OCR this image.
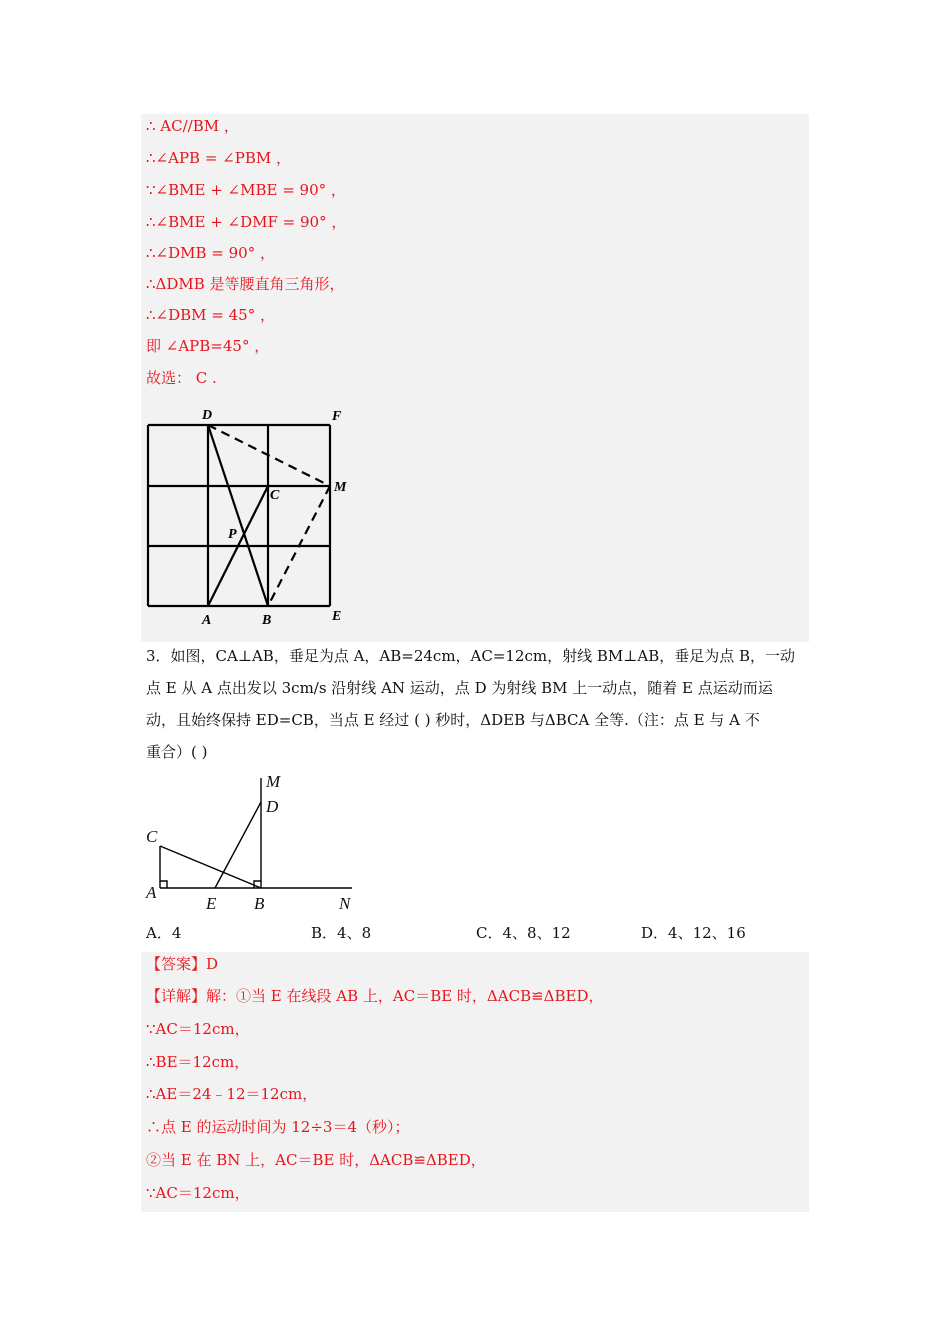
∴ AC//BM ，
∴∠APB = ∠PBM ，
∵∠BME + ∠MBE = 90° ，
∴∠BME + ∠DMF = 90° ，
∴∠DMB = 90° ，
∴ΔDMB 是等腰直角三角形，
∴∠DBM = 45° ，
即 ∠APB=45° ，
故选： C .
D	F
C
M
P
A	B	E
3．如图，CA⊥AB，垂足为点 A，AB=24cm，AC=12cm，射线 BM⊥AB，垂足为点 B，一动
点 E 从 A 点出发以 3cm/s 沿射线 AN 运动，点 D 为射线 BM 上一动点，随着 E 点运动而运
动，且始终保持 ED=CB，当点 E 经过 ( ) 秒时，ΔDEB 与ΔBCA 全等.（注：点 E 与 A 不
重合）( )
M
D
C
A
E B	N
A．4	B．4、8	C．4、8、12	D．4、12、16
【答案】D
【详解】解：①当 E 在线段 AB 上，AC＝BE 时，ΔACB≌ΔBED，
∵AC＝12cm，
∴BE＝12cm，
∴AE＝24﹣12＝12cm，
∴点 E 的运动时间为 12÷3＝4（秒）；
②当 E 在 BN 上，AC＝BE 时，ΔACB≌ΔBED，
∵AC＝12cm，
